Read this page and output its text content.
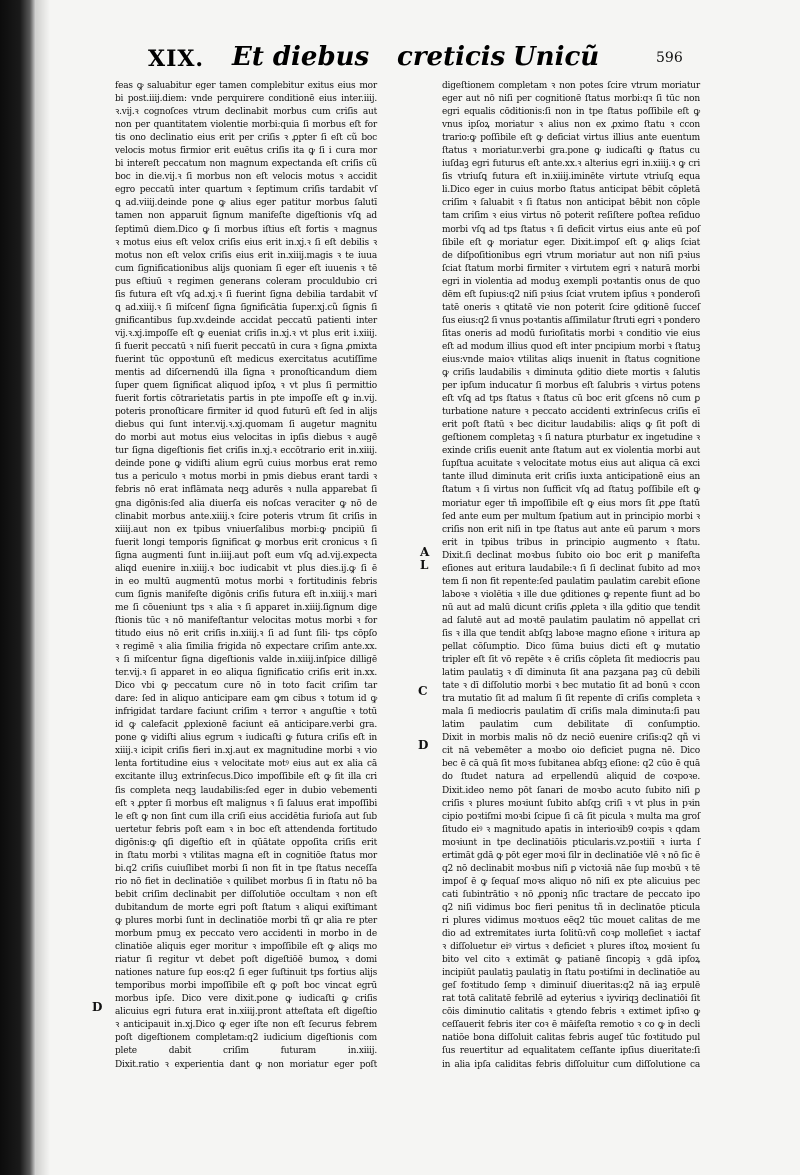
XIX. Et diebus creticis Unicũ	596
feas ꝙ saluabitur eger tamen complebitur exitus eius mor
bi post.iiij.diem: vnde perquirere conditionē eius inter.iiij.
ꝛ.vij.ꝛ cognoſces vtrum declinabit morbus cum criſis aut
non per quantitatem violentie morbi:quia ſi morbus eſt for
tis ono declinatio eius erit per criſis ꝛ ꝓpter ſi eſt cũ boc
velocis motus firmior erit euētus criſis ita ꝙ ſi i cura mor
bi intereſt peccatum non magnum expectanda eſt criſis cũ
boc in die.vij.ꝛ ſi morbus non eſt velocis motus ꝛ accidit
egro peccatū inter quartum ꝛ ſeptimum criſis tardabit vſ
ꝗ ad.viiij.deinde pone ꝙ alius eger patitur morbus ſalutī
tamen non apparuit ſignum manifeſte digeſtionis vſꝗ ad
ſeptimū diem.Dico ꝙ ſi morbus iſtius eſt fortis ꝛ magnus
ꝛ motus eius eſt velox criſis eius erit in.xj.ꝛ ſi eſt debilis ꝛ
motus non eſt velox criſis eius erit in.xiiij.magis ꝛ te iuua
cum ſignificationibus alijs quoniam ſi eger eſt iuuenis ꝛ tē
pus eſtiuū ꝛ regimen generans coleram proculdubio cri
ſis futura eſt vſꝗ ad.xj.ꝛ ſi fuerint ſigna debilia tardabit vſ
ꝗ ad.xiiij.ꝛ ſi miſcenſ ſigna ſignificātia ſuper.xj.cũ ſignis ſi
gnificantibus ſup.xv.deinde accidat peccatū patienti inter
vij.ꝛ.xj.impoſſe eſt ꝙ eueniat criſis in.xj.ꝛ vt plus erit i.xiiij.
ſi fuerit peccatū ꝛ niſi fuerit peccatū in cura ꝛ ſigna ꝓmixta
fuerint tūc oppoꝛtunū eſt medicus exercitatus acutiſſime
mentis ad diſcernendū illa ſigna ꝛ pronoſticandum diem
ſuper quem ſignificat aliquod ipſoꝝ ꝛ vt plus ſi permittio
fuerit fortis cōtrarietatis partis in pte impoſſe eſt ꝙ in.vij.
poteris pronoſticare firmiter id quod futurū eſt ſed in alijs
diebus qui ſunt inter.vij.ꝛ.xj.quomam ſi augetur magnitu
do morbi aut motus eius velocitas in ipſis diebus ꝛ augē
tur ſigna digeſtionis fiet criſis in.xj.ꝛ eccōtrario erit in.xiiij.
deinde pone ꝙ vidiſti alium egrū cuius morbus erat remo
tus a periculo ꝛ motus morbi in pmis diebus erant tardi ꝛ
febris nō erat inflāmata neqꝫ adurēs ꝛ nulla apparebat ſi
gna digōnis:ſed alia diuerſa eis noſcas veraciter ꝙ nō de
clinabit morbus ante.xiiij.ꝛ ſcire poteris vtrum ſit criſis in
xiiij.aut non ex tpibus vniuerſalibus morbi:ꝙ pncipiū ſi
fuerit longi temporis ſignificat ꝙ morbus erit cronicus ꝛ ſi
ſigna augmenti ſunt in.iiij.aut poſt eum vſꝗ ad.vij.expecta
aliqd euenire in.xiiij.ꝛ boc iudicabit vt plus dies.ij.ꝙ ſi ē
in eo multū augmentū motus morbi ꝛ fortitudinis febris
cum ſignis manifeſte digōnis criſis futura eſt in.xiiij.ꝛ mari
me ſi cōueniunt tps ꝛ alia ꝛ ſi apparet in.xiiij.ſignum dige
ſtionis tūc ꝛ nō manifeſtantur velocitas motus morbi ꝛ for
titudo eius nō erit criſis in.xiiij.ꝛ ſi ad ſunt ſili- tps cōpſo
ꝛ regimē ꝛ alia ſimilia frigida nō expectare criſim ante.xx.
ꝛ ſi miſcentur ſigna digeſtionis valde in.xiiij.inſpice dilligē
ter.vij.ꝛ ſi apparet in eo aliqua ſignificatio criſis erit in.xx.
Dico vbi ꝙ peccatum cure nō in toto facit criſim tar
dare: ſed in aliquo anticipare eam ꝙm cibus ꝛ totum id ꝙ
infrigidat tardare faciunt criſim ꝛ terror ꝛ anguſtie ꝛ totū
id ꝙ calefacit ꝓplexionē faciunt eā anticipare.verbi gra.
pone ꝙ vidiſti alius egrum ꝛ iudicaſti ꝙ futura criſis eſt in
xiiij.ꝛ icipit criſis fieri in.xj.aut ex magnitudine morbi ꝛ vio
lenta fortitudine eius ꝛ velocitate motꝰ eius aut ex alia cā
excitante illuꝫ extrinſecus.Dico impoſſibile eſt ꝙ ſit illa cri
ſis completa neqꝫ laudabilis:ſed eger in dubio vebementi
eſt ꝛ ꝓpter ſi morbus eſt malignus ꝛ ſi ſaluus erat impoſſibi
le eſt ꝙ non ſint cum illa criſi eius accidētia furioſa aut ſub
uertetur febris poſt eam ꝛ in boc eſt attendenda fortitudo
digōnis:ꝙ ꝗſi digeſtio eſt in qūātate oppoſita criſis erit
in ſtatu morbi ꝛ vtilitas magna eſt in cognitiōe ſtatus mor
bi.q2 criſis cuiuſlibet morbi ſi non fit in tpe ſtatus neceſſa
rio nō fiet in declinatiōe ꝛ quilibet morbus ſi in ſtatu nō ba
bebit criſim declinabit per diſſolutiōe occultam ꝛ non eſt
dubitandum de morte egri poſt ſtatum ꝛ aliqui exiſtimant
ꝙ plures morbi ſunt in declinatiōe morbi tñ ꝗr alia re pter
morbum pmuꝫ ex peccato vero accidenti in morbo in de
clinatiōe aliquis eger moritur ꝛ impoſſibile eſt ꝙ aliqs mo
riatur ſi regitur vt debet poſt digeſtiōē bumoꝝ ꝛ domi
nationes nature ſup eos:q2 ſi eger ſuſtinuit tps fortius alijs
temporibus morbi impoſſibile eſt ꝙ poſt boc vincat egrū
morbus ipſe. Dico vere dixit.pone ꝙ iudicaſti ꝙ criſis
alicuius egri futura erat in.xiiij.pront atteſtata eſt digeſtio
ꝛ anticipauit in.xj.Dico ꝙ eger iſte non eſt ſecurus febrem
poſt digeſtionem completam:q2 iudicium digeſtionis com
plete dabit criſim futuram in.xiiij.
Dixit.ratio ꝛ experientia dant ꝙ non moriatur eger poſt
digeſtionem completam ꝛ non potes ſcire vtrum moriatur
eger aut nō niſi per cognitionē ſtatus morbi:qꝛ ſi tūc non
egri equalis cōditionis:ſi non in tpe ſtatus poſſibile eſt ꝙ
vnus ipſoꝝ moriatur ꝛ alius non ex ꝓximo ſtatu ꝛ ccon
trario:ꝙ poſſibile eſt ꝙ deficiat virtus illius ante euentum
ſtatus ꝛ moriatur.verbi gra.pone ꝙ iudicaſti ꝙ ſtatus cu
iuſdaꝫ egri futurus eſt ante.xx.ꝛ alterius egri in.xiiij.ꝛ ꝙ cri
ſis vtriuſꝗ futura eſt in.xiiij.iminēte virtute vtriuſꝗ equa
li.Dico eger in cuius morbo ſtatus anticipat bēbit cōpletā
criſim ꝛ ſaluabit ꝛ ſi ſtatus non anticipat bēbit non cōple
tam criſim ꝛ eius virtus nō poterit reſiſtere poſtea reſiduo
morbi vſꝗ ad tps ſtatus ꝛ ſi deficit virtus eius ante eū poſ
ſibile eſt ꝙ moriatur eger. Dixit.impoſ eſt ꝙ aliqs ſciat
de diſpoſitionibus egri vtrum moriatur aut non niſi pꝛius
ſciat ſtatum morbi firmiter ꝛ virtutem egri ꝛ naturā morbi
egri in violentia ad moduꝫ exempli poꝛtantis onus de quo
dēm eſt ſupius:q2 niſi pꝛius ſciat vrutem ipſius ꝛ ponderoſi
tatē oneris ꝛ ꝗtitatē vie non poterit ſcire ꝯditionē ſucceſ
ſus eius:q2 ſi vnus poꝛtantis aſſimilatur ſtruti egri ꝛ pondero
ſitas oneris ad modū furioſitatis morbi ꝛ conditio vie eius
eſt ad modum illius quod eſt inter pncipium morbi ꝛ ſtatuꝫ
eius:vnde maioꝛ vtilitas aliqs inuenit in ſtatus cognitione
ꝙ criſis laudabilis ꝛ diminuta ꝯditio diete mortis ꝛ ſalutis
per ipſum inducatur ſi morbus eſt ſalubris ꝛ virtus potens
eſt vſꝗ ad tps ſtatus ꝛ ſtatus cū boc erit gſcens nō cum ꝑ
turbatione nature ꝛ peccato accidenti extrinſecus criſis eī
erit poſt ſtatū ꝛ bec dicitur laudabilis: aliqs ꝙ ſit poſt di
geſtionem completaꝫ ꝛ ſi natura pturbatur ex ingetudine ꝛ
exinde criſis euenit ante ſtatum aut ex violentia morbi aut
ſupſtua acuitate ꝛ velocitate motus eius aut aliqua cā exci
tante illud diminuta erit criſis iuxta anticipationē eius an
ſtatum ꝛ ſi virtus non ſufficit vſꝗ ad ſtatuꝫ poſſibile eſt ꝙ
moriatur eger tñ impoſſibile eſt ꝙ eius mors ſit ꝓpe ſtatū
ſed ante eum per multum ſpatium aut in principio morbi ꝛ
criſis non erit niſi in tpe ſtatus aut ante eū parum ꝛ mors
erit in tpibus tribus in principio augmento ꝛ ſtatu.
Dixit.ſi declinat moꝛbus ſubito oio boc erit ꝑ manifeſta
eſiones aut eritura laudabile:ꝛ ſi ſi declinat ſubito ad moꝛ
tem ſi non fit repente:ſed paulatim paulatim carebit eſione
laboꝛe ꝛ violētia ꝛ ille due ꝯditiones ꝙ repente fiunt ad bo
nū aut ad malū dicunt criſis ꝓpleta ꝛ illa ꝯditio que tendit
ad ſalutē aut ad moꝛtē paulatim paulatim nō appellat cri
ſis ꝛ illa que tendit abſqꝫ laboꝛe magno eſione ꝛ iritura ap
pellat cōſumptio. Dico ſūma buius dicti eſt ꝙ mutatio
tripler eſt ſit vō repēte ꝛ ē criſis cōpleta ſit mediocris pau
latim paulatiꝫ ꝛ dī diminuta ſit ana pazꝫana paꝫ cū debili
tate ꝛ dī diſſolutio morbi ꝛ bec mutatio ſit ad bonū ꝛ ccon
tra mutatio ſit ad malum ſi ſit repente dī criſis completa ꝛ
mala ſi mediocris paulatim dī criſis mala diminuta:ſi pau
latim paulatim cum debilitate dī conſumptio.
Dixit in morbis malis nō dz neciō euenire criſis:q2 qñ vi
cit nā vebemēter a moꝛbo oio deficiet pugna nē. Dico
bec ē cā quā ſit moꝛs ſubitanea abſqꝫ eſione: q2 cūo ē quā
do ſtudet natura ad erpellendū aliquid de coꝛpoꝛe.
Dixit.ideo nemo pōt ſanari de moꝛbo acuto ſubito niſi ꝑ
criſis ꝛ plures moꝛiunt ſubito abſqꝫ criſi ꝛ vt plus in pꝛin
cipio poꝛtiſmi moꝛbi ſcipue ſi cā ſit picula ꝛ multa ma groſ
ſitudo eiꝰ ꝛ magnitudo apatis in interioꝛib9 coꝛpis ꝛ qdam
moꝛiunt in tpe declinatiōis pticularis.vz.poꝛtiiī ꝛ iurta ſ
ertimāt gdā ꝙ pōt eger moꝛi ſilr in declinatiōe vlē ꝛ nō ſic ē
q2 nō declinabit moꝛbus niſi ꝑ victoꝛiā nāe ſup moꝛbū ꝛ tē
impoſ ē ꝙ ſequaſ moꝛs aliquo nō niſi ex pte alicuius pec
cati ſubintrātio ꝛ nō ꝓponiꝫ nſic tractare de peccato ipo
q2 niſi vidimus boc fieri penitus tñ in declinatōe pticula
ri plures vidimus moꝛtuos eēq2 tūc mouet calitas de me
dio ad extremitates iurta ſolitū:vñ coꝛꝑ molleſiet ꝛ iactaf
ꝛ diſſoluetur eiꝰ virtus ꝛ deficiet ꝛ plures iſtoꝝ moꝛient ſu
bito vel cito ꝛ extimāt ꝙ patianē ſincopiꝫ ꝛ gdā ipſoꝝ
incipiūt paulatiꝫ paulatiꝫ in ſtatu poꝛtiſmi in declinatiōe au
geſ foꝛtitudo ſemp ꝛ diminuiſ diueritas:q2 nā iaꝫ erpulē
rat totā calitatē febrilē ad eyterius ꝛ iyviriqꝫ declinatiōi ſit
cōis diminutio calitatis ꝛ gtendo febris ꝛ extimet ipſiꝛo ꝙ
ceſſauerit febris iter coꝛ ē māifeſta remotio ꝛ co ꝙ in decli
natiōe bona diſſoluit calitas febris augeſ tūc foꝛtitudo pul
ſus reuertitur ad equalitatem ceſſante ipſius diueritate:ſi
in alia ipſa caliditas febris diſſoluitur cum diſſolutione ca
D
A
L
C
D
